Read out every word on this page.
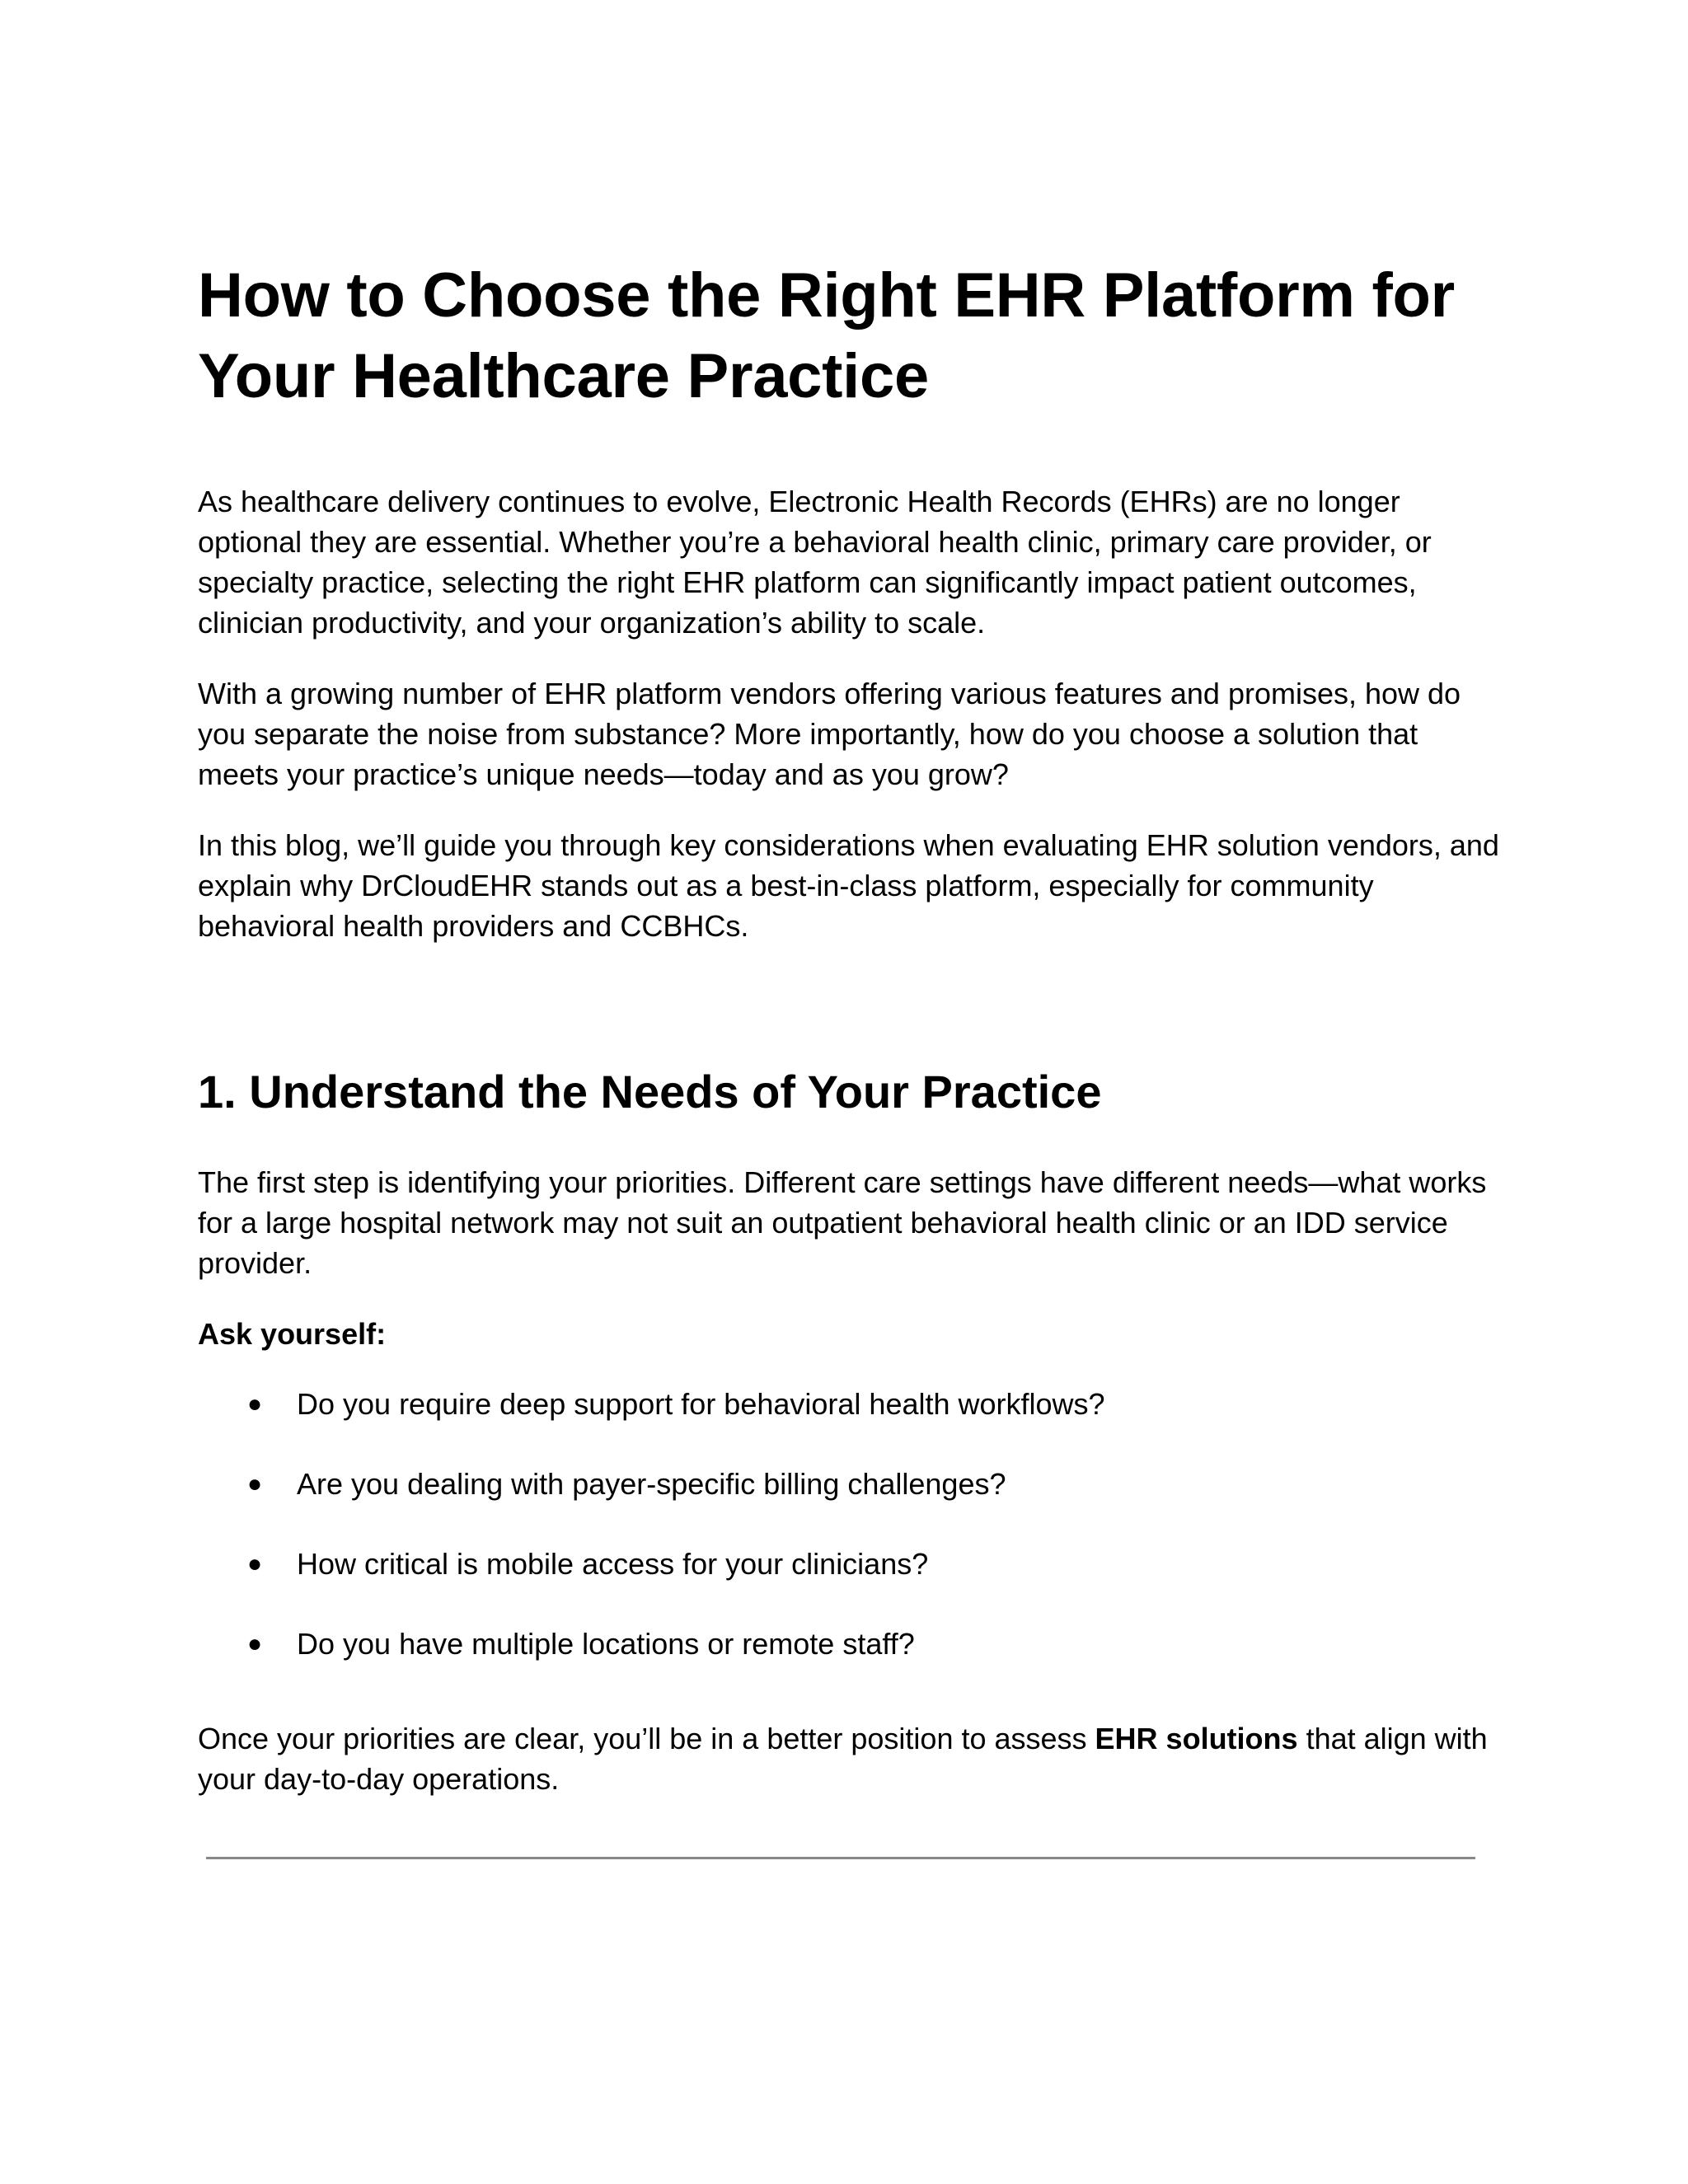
How to Choose the Right EHR Platform for
Your Healthcare Practice

As healthcare delivery continues to evolve, Electronic Health Records (EHRs) are no longer optional they are essential. Whether you’re a behavioral health clinic, primary care provider, or specialty practice, selecting the right EHR platform can significantly impact patient outcomes, clinician productivity, and your organization’s ability to scale.

With a growing number of EHR platform vendors offering various features and promises, how do you separate the noise from substance? More importantly, how do you choose a solution that meets your practice’s unique needs—today and as you grow?

In this blog, we’ll guide you through key considerations when evaluating EHR solution vendors, and explain why DrCloudEHR stands out as a best-in-class platform, especially for community behavioral health providers and CCBHCs.

1. Understand the Needs of Your Practice

The first step is identifying your priorities. Different care settings have different needs—what works for a large hospital network may not suit an outpatient behavioral health clinic or an IDD service provider.

Ask yourself:

● Do you require deep support for behavioral health workflows?
● Are you dealing with payer-specific billing challenges?
● How critical is mobile access for your clinicians?
● Do you have multiple locations or remote staff?

Once your priorities are clear, you’ll be in a better position to assess EHR solutions that align with your day-to-day operations.
